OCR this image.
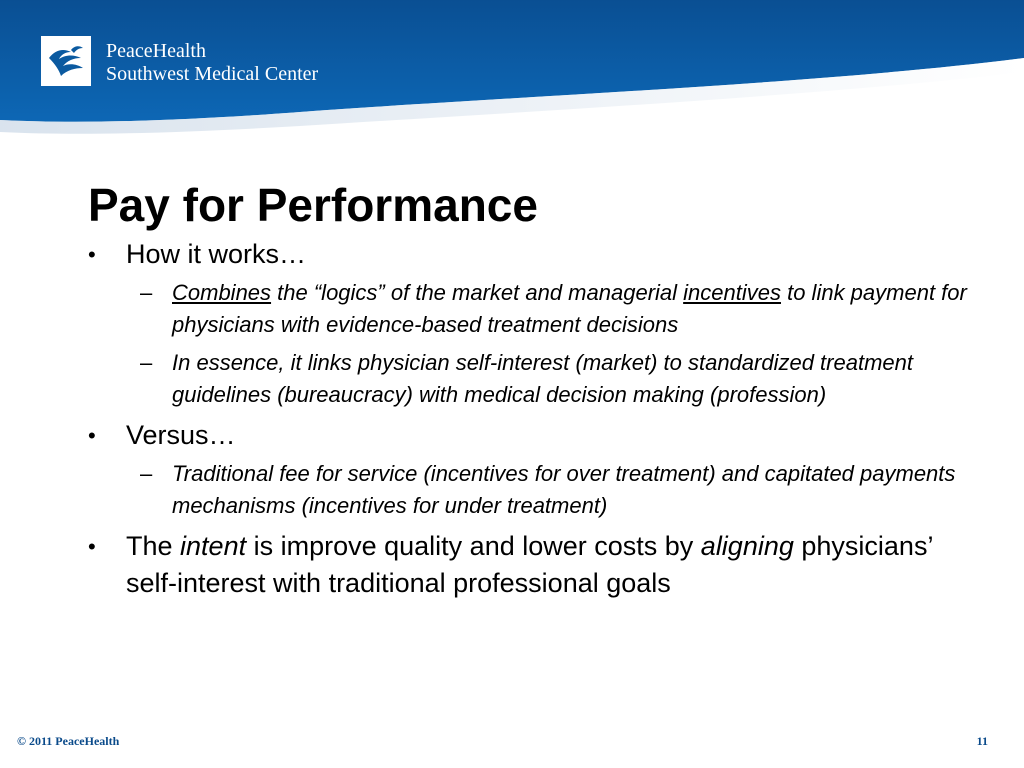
PeaceHealth
Southwest Medical Center
Pay for Performance
• How it works…
– Combines the “logics” of the market and managerial incentives to link payment for physicians with evidence-based treatment decisions
– In essence, it links physician self-interest (market) to standardized treatment guidelines (bureaucracy) with medical decision making (profession)
• Versus…
– Traditional fee for service (incentives for over treatment) and capitated payments mechanisms (incentives for under treatment)
• The intent is improve quality and lower costs by aligning physicians’ self-interest with traditional professional goals
© 2011 PeaceHealth	11
